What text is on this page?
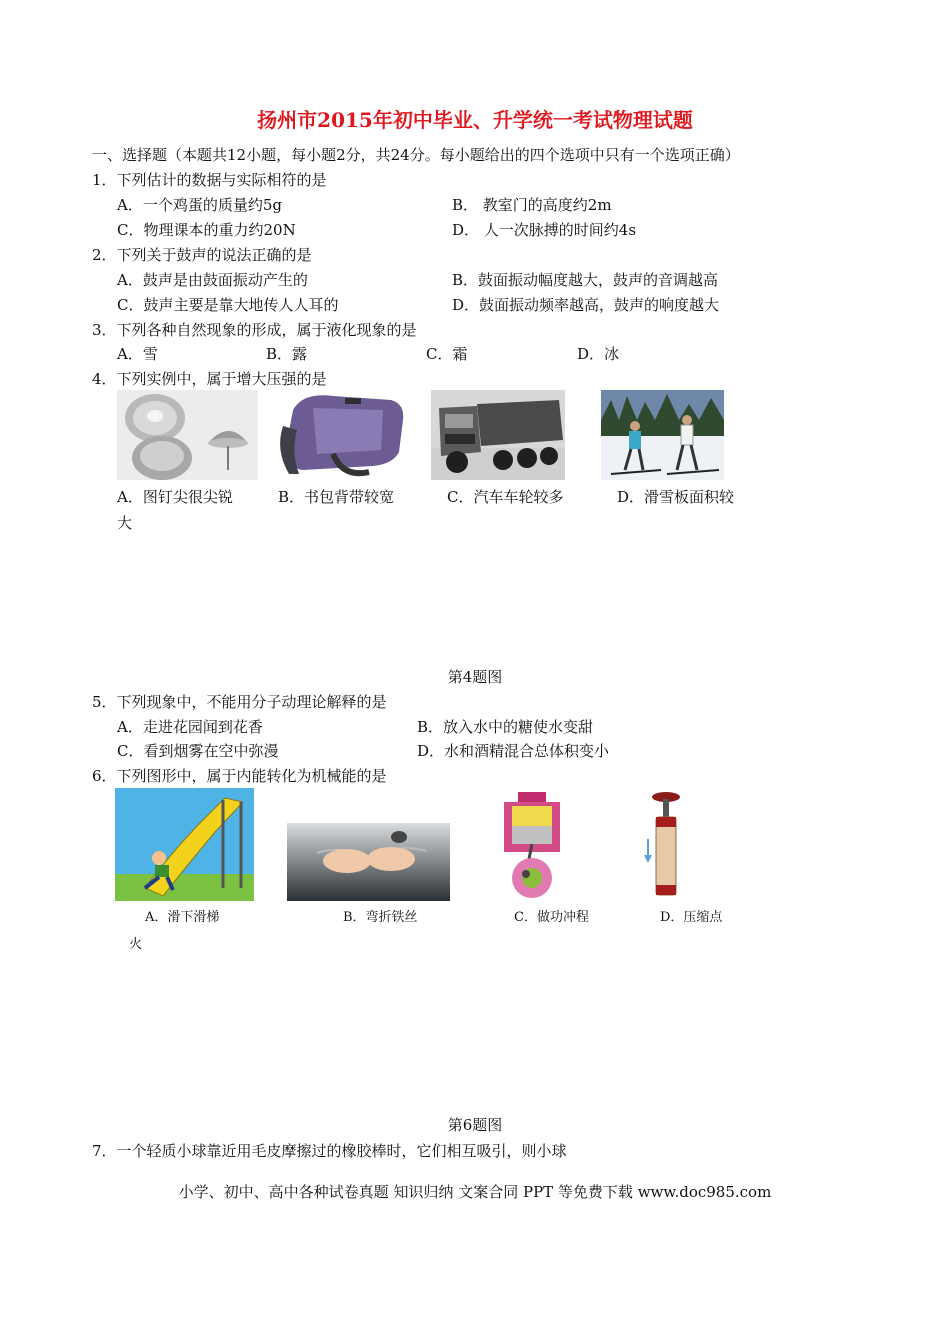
扬州市2015年初中毕业、升学统一考试物理试题
一、选择题（本题共12小题，每小题2分，共24分。每小题给出的四个选项中只有一个选项正确）
1．下列估计的数据与实际相符的是
A．一个鸡蛋的质量约5g	B． 教室门的高度约2m
C．物理课本的重力约20N	D． 人一次脉搏的时间约4s
2．下列关于鼓声的说法正确的是
A．鼓声是由鼓面振动产生的	B．鼓面振动幅度越大，鼓声的音调越高
C．鼓声主要是靠大地传人人耳的	D．鼓面振动频率越高，鼓声的响度越大
3．下列各种自然现象的形成，属于液化现象的是
A．雪	B．露	C．霜	D．冰
4．下列实例中，属于增大压强的是
A．图钉尖很尖锐	B．书包背带较宽	C．汽车车轮较多	D．滑雪板面积较
大
第4题图
5．下列现象中，不能用分子动理论解释的是
A．走进花园闻到花香	B．放入水中的糖使水变甜
C．看到烟雾在空中弥漫	D．水和酒精混合总体积变小
6．下列图形中，属于内能转化为机械能的是
A．滑下滑梯	B．弯折铁丝	C．做功冲程	D．压缩点
火
第6题图
7．一个轻质小球靠近用毛皮摩擦过的橡胶棒时，它们相互吸引，则小球
小学、初中、高中各种试卷真题 知识归纳 文案合同 PPT 等免费下载 www.doc985.com
